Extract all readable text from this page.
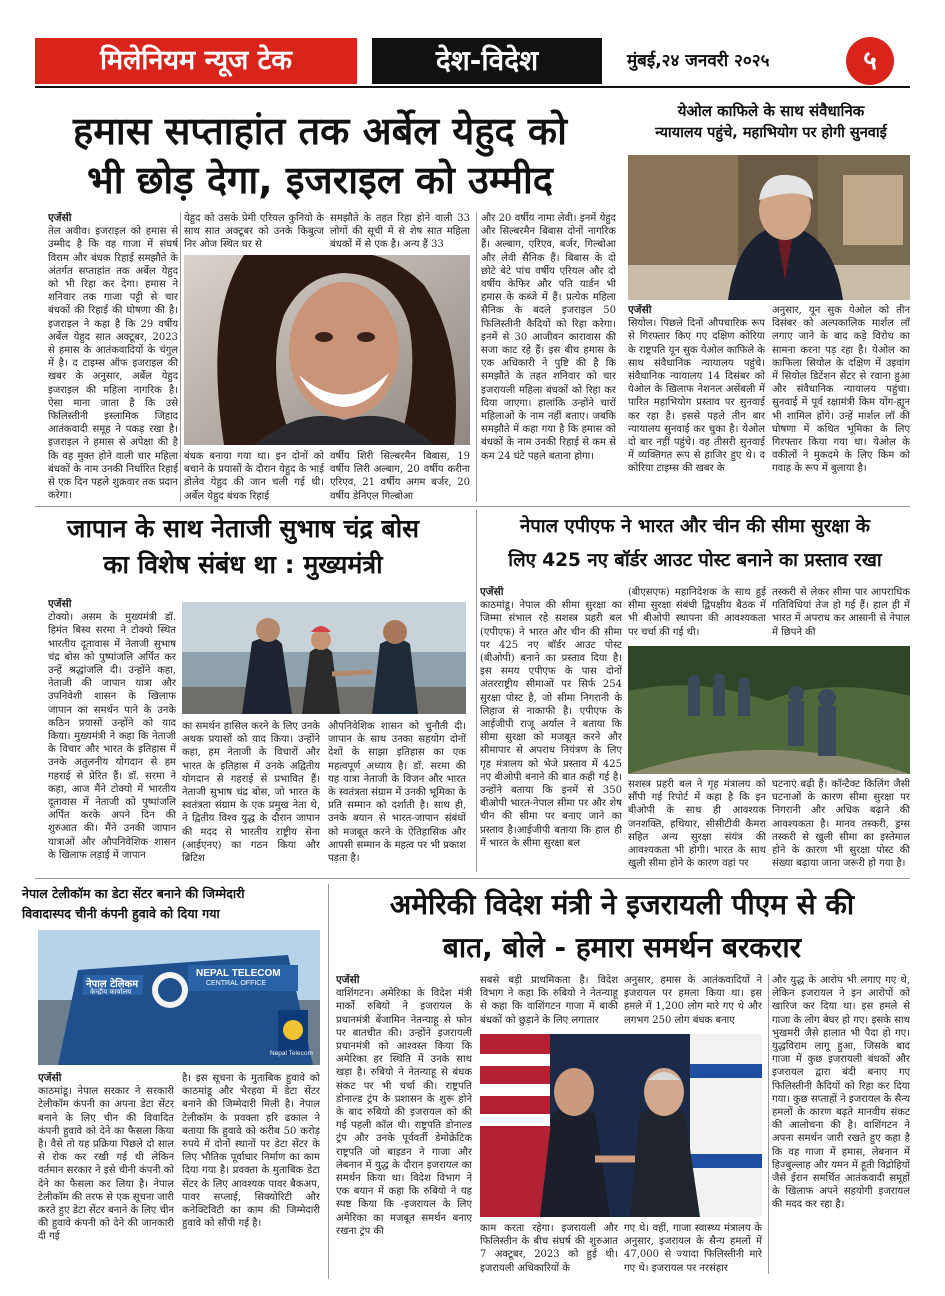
मिलेनियम न्यूज टेक	देश-विदेश	मुंबई,२४ जनवरी २०२५	५
हमास सप्ताहांत तक अर्बेल येहुद को
भी छोड़ देगा, इजराइल को उम्मीद
एजेंसी
तेल अवीव। इजराइल को हमास से उम्मीद है कि वह गाजा में संघर्ष विराम और बंधक रिहाई समझौते के अंतर्गत सप्ताहांत तक अर्बेल येहुद को भी रिहा कर देगा। हमास ने शनिवार तक गाजा पट्टी से चार बंधकों की रिहाई की घोषणा की है। इजराइल ने कहा है कि 29 वर्षीय अर्बेल येहुद सात अक्टूबर, 2023 से हमास के आतंकवादियों के चंगुल में है। द टाइम्स ऑफ इजराइल की खबर के अनुसार, अर्बेल येहुद इजराइल की महिला नागरिक है। ऐसा माना जाता है कि उसे फिलिस्तीनी इस्लामिक जिहाद आतंकवादी समूह ने पकड़ रखा है। इजराइल ने हमास से अपेक्षा की है कि वह मुक्त होने वाली चार महिला बंधकों के नाम उनकी निर्धारित रिहाई से एक दिन पहले शुक्रवार तक प्रदान करेगा।
येहुद को उसके प्रेमी एरियल कुनियो के साथ सात अक्टूबर को उनके किबुत्ज निर ओज स्थित घर से
समझौते के तहत रिहा होने वाली 33 लोगों की सूची में से शेष सात महिला बंधकों में से एक है। अन्य हैं 33
बंधक बनाया गया था। इन दोनों को बचाने के प्रयासों के दौरान येहुद के भाई डोलेव येहुद की जान चली गई थी। अर्बेल येहुद बंधक रिहाई
वर्षीय शिरी सिल्बरमैन बिबास, 19 वर्षीय लिरी अल्बाग, 20 वर्षीय करीना एरिएव, 21 वर्षीय अगम बर्जर, 20 वर्षीय डेनिएल गिल्बोआ
और 20 वर्षीय नामा लेवी। इनमें येहुद और सिल्बरमैन बिबास दोनों नागरिक हैं। अल्बाग, एरिएव, बर्जर, गिल्बोआ और लेवी सैनिक हैं। बिबास के दो छोटे बेटे पांच वर्षीय एरियल और दो वर्षीय केफिर और पति यार्डन भी हमास के कब्जे में हैं। प्रत्येक महिला सैनिक के बदले इजराइल 50 फिलिस्तीनी कैदियों को रिहा करेगा। इनमें से 30 आजीवन कारावास की सजा काट रहे हैं। इस बीच हमास के एक अधिकारी ने पुष्टि की है कि समझौते के तहत शनिवार को चार इजरायली महिला बंधकों को रिहा कर दिया जाएगा। हालांकि उन्होंने चारों महिलाओं के नाम नहीं बताए। जबकि समझौते में कहा गया है कि हमास को बंधकों के नाम उनकी रिहाई से कम से कम 24 घंटे पहले बताना होगा।
येओल काफिले के साथ संवैधानिक
न्यायालय पहुंचे, महाभियोग पर होगी सुनवाई
एजेंसी
सियोल। पिछले दिनों औपचारिक रूप से गिरफ्तार किए गए दक्षिण कोरिया के राष्ट्रपति यून सुक येओल काफिले के साथ संवैधानिक न्यायालय पहुंचे। संवैधानिक न्यायालय 14 दिसंबर को येओल के खिलाफ नेशनल असेंबली में पारित महाभियोग प्रस्ताव पर सुनवाई कर रहा है। इससे पहले तीन बार न्यायालय सुनवाई कर चुका है। येओल दो बार नहीं पहुंचे। वह तीसरी सुनवाई में व्यक्तिगत रूप से हाजिर हुए थे। द कोरिया टाइम्स की खबर के
अनुसार, यून सुक येओल को तीन दिसंबर को अल्पकालिक मार्शल लॉ लगाए जाने के बाद कड़े विरोध का सामना करना पड़ रहा है। येओल का काफिला सियोल के दक्षिण में उइवांग में सियोल डिटेंशन सेंटर से रवाना हुआ और संवैधानिक न्यायालय पहुंचा। सुनवाई में पूर्व रक्षामंत्री किम योंग-ह्यून भी शामिल होंगे। उन्हें मार्शल लॉ की घोषणा में कथित भूमिका के लिए गिरफ्तार किया गया था। येओल के वकीलों ने मुकदमे के लिए किम को गवाह के रूप में बुलाया है।
जापान के साथ नेताजी सुभाष चंद्र बोस
का विशेष संबंध था : मुख्यमंत्री
एजेंसी
टोक्यो। असम के मुख्यमंत्री डॉ. हिमंत बिस्व सरमा ने टोक्यो स्थित भारतीय दूतावास में नेताजी सुभाष चंद्र बोस को पुष्पांजलि अर्पित कर उन्हें श्रद्धांजलि दी। उन्होंने कहा, नेताजी की जापान यात्रा और उपनिवेशी शासन के खिलाफ जापान का समर्थन पाने के उनके कठिन प्रयासों उन्होंने को याद किया। मुख्यमंत्री ने कहा कि नेताजी के विचार और भारत के इतिहास में उनके अतुलनीय योगदान से हम गहराई से प्रेरित हैं। डॉ. सरमा ने कहा, आज मैंने टोक्यो में भारतीय दूतावास में नेताजी को पुष्पांजलि अर्पित करके अपने दिन की शुरुआत की। मैंने उनकी जापान यात्राओं और औपनिवेशिक शासन के खिलाफ लड़ाई में जापान
का समर्थन हासिल करने के लिए उनके अथक प्रयासों को याद किया। उन्होंने कहा, हम नेताजी के विचारों और भारत के इतिहास में उनके अद्वितीय योगदान से गहराई से प्रभावित हैं। नेताजी सुभाष चंद्र बोस, जो भारत के स्वतंत्रता संग्राम के एक प्रमुख नेता थे, ने द्वितीय विश्व युद्ध के दौरान जापान की मदद से भारतीय राष्ट्रीय सेना (आईएनए) का गठन किया और ब्रिटिश
औपनिवेशिक शासन को चुनौती दी। जापान के साथ उनका सहयोग दोनों देशों के साझा इतिहास का एक महत्वपूर्ण अध्याय है। डॉ. सरमा की यह यात्रा नेताजी के विजन और भारत के स्वतंत्रता संग्राम में उनकी भूमिका के प्रति सम्मान को दर्शाती है। साथ ही, उनके बयान से भारत-जापान संबंधों को मजबूत करने के ऐतिहासिक और आपसी सम्मान के महत्व पर भी प्रकाश पड़ता है।
नेपाल एपीएफ ने भारत और चीन की सीमा सुरक्षा के
लिए 425 नए बॉर्डर आउट पोस्ट बनाने का प्रस्ताव रखा
एजेंसी
काठमांडू। नेपाल की सीमा सुरक्षा का जिम्मा संभाल रहे सशस्त्र प्रहरी बल (एपीएफ) ने भारत और चीन की सीमा पर 425 नए बॉर्डर आउट पोस्ट (बीओपी) बनाने का प्रस्ताव दिया है। इस समय एपीएफ के पास दोनों अंतरराष्ट्रीय सीमाओं पर सिर्फ 254 सुरक्षा पोस्ट है, जो सीमा निगरानी के लिहाज से नाकाफी है। एपीएफ के आईजीपी राजू अर्याल ने बताया कि सीमा सुरक्षा को मजबूत करने और सीमापार से अपराध नियंत्रण के लिए गृह मंत्रालय को भेजे प्रस्ताव में 425 नए बीओपी बनाने की बात कही गई है। उन्होंने बताया कि इनमें से 350 बीओपी भारत-नेपाल सीमा पर और शेष चीन की सीमा पर बनाए जाने का प्रस्ताव है।आईजीपी बताया कि हाल ही में भारत के सीमा सुरक्षा बल
(बीएसएफ) महानिदेशक के साथ हुई सीमा सुरक्षा संबंधी द्विपक्षीय बैठक में भी बीओपी स्थापना की आवश्यकता पर चर्चा की गई थी।
तस्करी से लेकर सीमा पार आपराधिक गतिविधियां तेज हो गई हैं। हाल ही में भारत में अपराध कर आसानी से नेपाल में छिपने की
सशस्त्र प्रहरी बल ने गृह मंत्रालय को सौंपी गई रिपोर्ट में कहा है कि इन बीओपी के साथ ही आवश्यक जनशक्ति, हथियार, सीसीटीवी कैमरा सहित अन्य सुरक्षा संयंत्र की आवश्यकता भी होगी। भारत के साथ खुली सीमा होने के कारण वहां पर
घटनाएं बढ़ी हैं। कॉन्टैक्ट किलिंग जैसी घटनाओं के कारण सीमा सुरक्षा पर निगरानी और अधिक बढ़ाने की आवश्यकता है। मानव तस्करी, ड्रग्स तस्करी से खुली सीमा का इस्तेमाल होने के कारण भी सुरक्षा पोस्ट की संख्या बढ़ाया जाना जरूरी हो गया है।
नेपाल टेलीकॉम का डेटा सेंटर बनाने की जिम्मेदारी
विवादास्पद चीनी कंपनी हुवावे को दिया गया
नेपाल टेलिकम
केन्द्रीय कार्यालय
NEPAL TELECOM
CENTRAL OFFICE
Nepal Telecom
एजेंसी
काठमांडू। नेपाल सरकार ने सरकारी टेलीकॉम कंपनी का अपना डेटा सेंटर बनाने के लिए चीन की विवादित कंपनी हुवावे को देने का फैसला किया है। वैसे तो यह प्रक्रिया पिछले दो साल से रोक कर रखी गई थी लेकिन वर्तमान सरकार ने इसे चीनी कंपनी को देने का फैसला कर लिया है। नेपाल टेलीकॉम की तरफ से एक सूचना जारी करते हुए डेटा सेंटर बनाने के लिए चीन की हुवावे कंपनी को देने की जानकारी दी गई
है। इस सूचना के मुताबिक हुवावे को काठमांडू और भैरहवा में डेटा सेंटर बनाने की जिम्मेदारी मिली है। नेपाल टेलीकॉम के प्रवक्ता हरि ढकाल ने बताया कि हुवावे को करीब 50 करोड़ रुपये में दोनों स्थानों पर डेटा सेंटर के लिए भौतिक पूर्वाधार निर्माण का काम दिया गया है। प्रवक्ता के मुताबिक डेटा सेंटर के लिए आवश्यक पावर बैकअप, पावर सप्लाई, सिक्योरिटी और कनेक्टिविटी का काम की जिम्मेदारी हुवावे को सौंपी गई है।
अमेरिकी विदेश मंत्री ने इजरायली पीएम से की
बात, बोले - हमारा समर्थन बरकरार
एजेंसी
वाशिंगटन। अमेरिका के विदेश मंत्री मार्को रुबियो ने इजरायल के प्रधानमंत्री बेंजामिन नेतन्याहू से फोन पर बातचीत की। उन्होंने इजरायली प्रधानमंत्री को आश्वस्त किया कि अमेरिका हर स्थिति में उनके साथ खड़ा है। रुबियो ने नेतन्याहू से बंधक संकट पर भी चर्चा की। राष्ट्रपति डोनाल्ड ट्रंप के प्रशासन के शुरू होने के बाद रुबियो की इजरायल को की गई पहली कॉल थी। राष्ट्रपति डोनाल्ड ट्रंप और उनके पूर्ववर्ती डेमोक्रेटिक राष्ट्रपति जो बाइडन ने गाजा और लेबनान में युद्ध के दौरान इजरायल का समर्थन किया था। विदेश विभाग ने एक बयान में कहा कि रुबियो ने यह स्पष्ट किया कि -इजरायल के लिए अमेरिका का मजबूत समर्थन बनाए रखना ट्रंप की
सबसे बड़ी प्राथमिकता है। विदेश विभाग ने कहा कि रुबियो ने नेतन्याहू से कहा कि वाशिंगटन गाजा में बाकी बंधकों को छुड़ाने के लिए लगातार
अनुसार, हमास के आतंकवादियों ने इजरायल पर हमला किया था। इस हमले में 1,200 लोग मारे गए थे और लगभग 250 लोग बंधक बनाए
काम करता रहेगा। इजरायली और फिलिस्तीन के बीच संघर्ष की शुरुआत 7 अक्टूबर, 2023 को हुई थी। इजरायली अधिकारियों के
गए थे। वहीं, गाजा स्वास्थ्य मंत्रालय के अनुसार, इजरायल के सैन्य हमलों में 47,000 से ज्यादा फिलिस्तीनी मारे गए थे। इजरायल पर नरसंहार
और युद्ध के आरोप भी लगाए गए थे, लेकिन इजरायल ने इन आरोपों को खारिज कर दिया था। इस हमले से गाजा के लोग बेघर हो गए। इसके साथ भुखमरी जैसे हालात भी पैदा हो गए। युद्धविराम लागू हुआ, जिसके बाद गाजा में कुछ इजरायली बंधकों और इजरायल द्वारा बंदी बनाए गए फिलिस्तीनी कैदियों को रिहा कर दिया गया। कुछ सप्ताहों ने इजरायल के सैन्य हमलों के कारण बढ़ते मानवीय संकट की आलोचना की है। वाशिंगटन ने अपना समर्थन जारी रखते हुए कहा है कि वह गाजा में हमास, लेबनान में हिज्बुल्लाह और यमन में हूती विद्रोहियों जैसे ईरान समर्थित आतंकवादी समूहों के खिलाफ अपने सहयोगी इजरायल की मदद कर रहा है।
